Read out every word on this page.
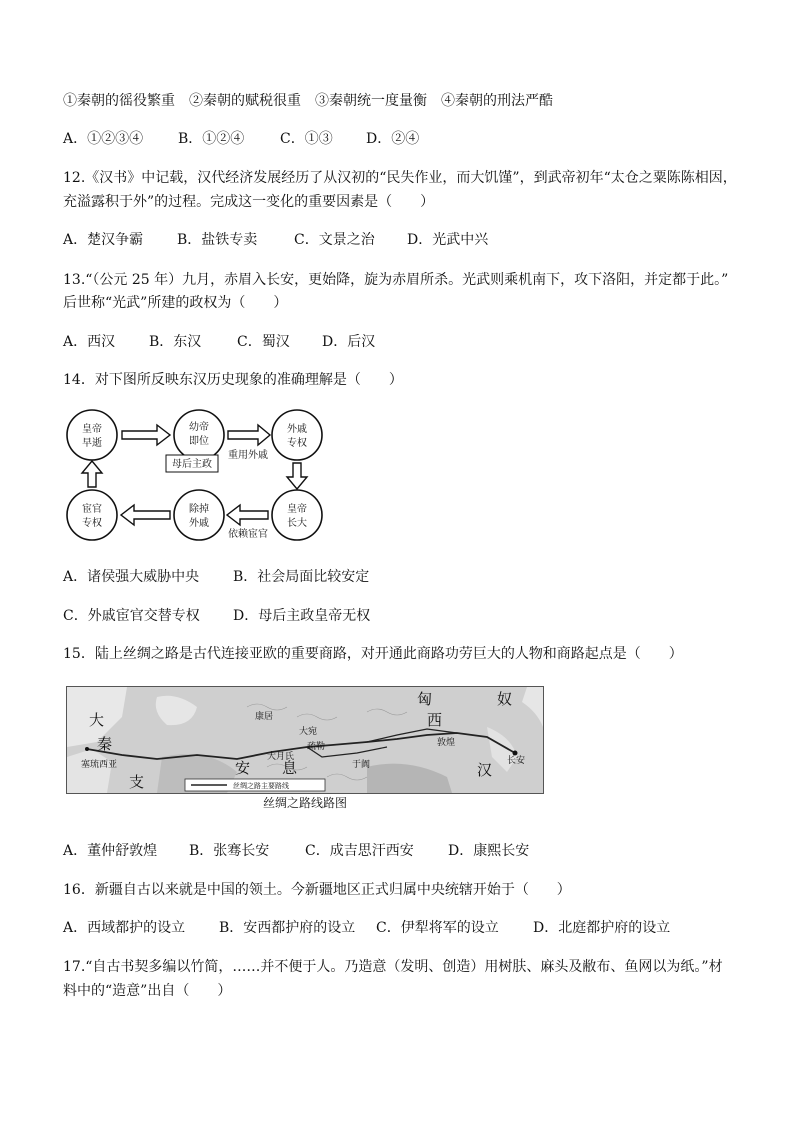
①秦朝的徭役繁重　②秦朝的赋税很重　③秦朝统一度量衡　④秦朝的刑法严酷
A．①②③④ B．①②④	C．①③ D．②④
12.《汉书》中记载，汉代经济发展经历了从汉初的“民失作业，而大饥馑”，到武帝初年“太仓之粟陈陈相因，
充溢露积于外”的过程。完成这一变化的重要因素是（　　）
A．楚汉争霸 B．盐铁专卖	C．文景之治 D．光武中兴
13.“（公元 25 年）九月，赤眉入长安，更始降，旋为赤眉所杀。光武则乘机南下，攻下洛阳，并定都于此。”
后世称“光武”所建的政权为（　　）
A．西汉 B．东汉	C．蜀汉 D．后汉
14．对下图所反映东汉历史现象的准确理解是（　　）
皇帝
早逝
幼帝
即位
母后主政
外戚
专权
皇帝
长大
除掉
外戚
宦官
专权
重用外戚
依赖宦官
A．诸侯强大威胁中央 B．社会局面比较安定
C．外戚宦官交替专权 D．母后主政皇帝无权
15．陆上丝绸之路是古代连接亚欧的重要商路，对开通此商路功劳巨大的人物和商路起点是（　　）
匈	奴
大
秦
安 息
支
西
汉
康居
大宛
大月氏
疏勒
于阗
敦煌
长安
塞琉西亚
丝绸之路主要路线
丝绸之路线路图
A．董仲舒敦煌 B．张骞长安	C．成吉思汗西安 D．康熙长安
16．新疆自古以来就是中国的领土。今新疆地区正式归属中央统辖开始于（　　）
A．西域都护的设立 B．安西都护府的设立 C．伊犁将军的设立 D．北庭都护府的设立
17.“自古书契多编以竹简，……并不便于人。乃造意（发明、创造）用树肤、麻头及敝布、鱼网以为纸。”材
料中的“造意”出自（　　）
